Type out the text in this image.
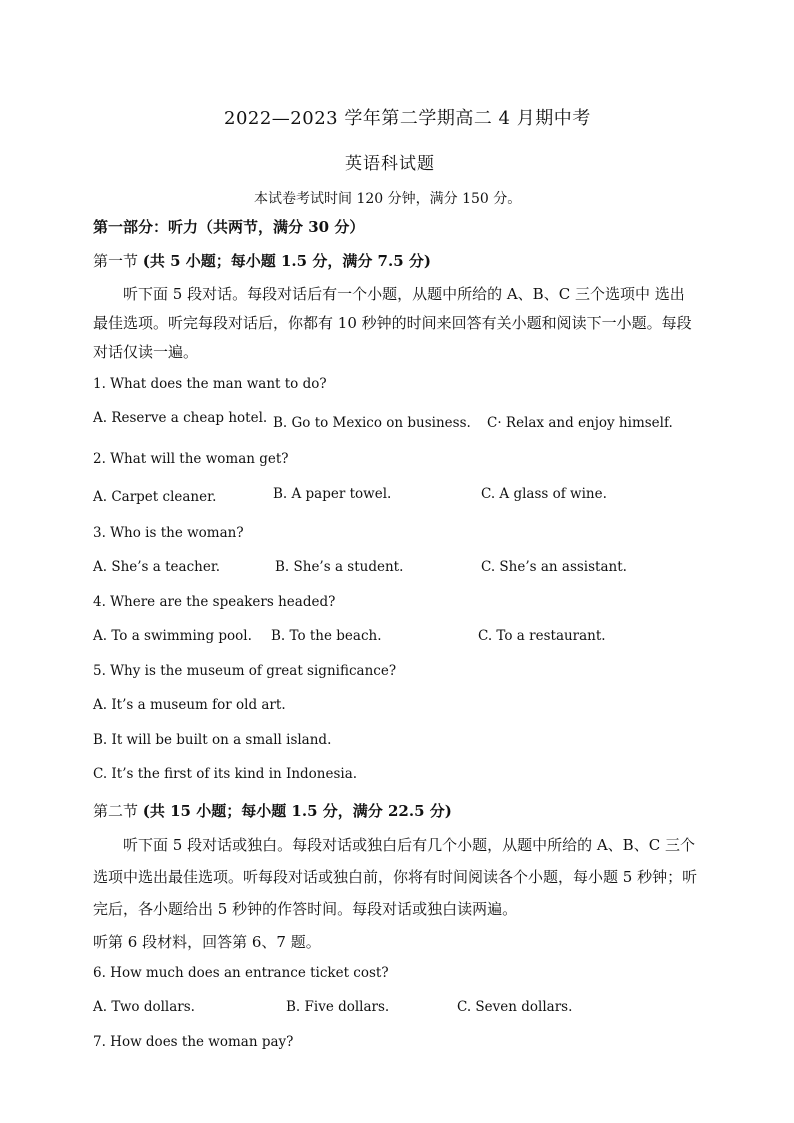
2022—2023 学年第二学期高二 4 月期中考
英语科试题
本试卷考试时间 120 分钟，满分 150 分。
第一部分：听力（共两节，满分 30 分）
第一节 (共 5 小题；每小题 1.5 分，满分 7.5 分)
听下面 5 段对话。每段对话后有一个小题，从题中所给的 A、B、C 三个选项中 选出最佳选项。听完每段对话后，你都有 10 秒钟的时间来回答有关小题和阅读下一小题。每段对话仅读一遍。
1. What does the man want to do?
A. Reserve a cheap hotel. B. Go to Mexico on business. C· Relax and enjoy himself.
2. What will the woman get?
A. Carpet cleaner.	B. A paper towel.	C. A glass of wine.
3. Who is the woman?
A. She’s a teacher.	B. She’s a student.	C. She’s an assistant.
4. Where are the speakers headed?
A. To a swimming pool. B. To the beach.	C. To a restaurant.
5. Why is the museum of great significance?
A. It’s a museum for old art.
B. It will be built on a small island.
C. It’s the first of its kind in Indonesia.
第二节 (共 15 小题；每小题 1.5 分，满分 22.5 分)
听下面 5 段对话或独白。每段对话或独白后有几个小题，从题中所给的 A、B、C 三个选项中选出最佳选项。听每段对话或独白前，你将有时间阅读各个小题，每小题 5 秒钟；听完后，各小题给出 5 秒钟的作答时间。每段对话或独白读两遍。
听第 6 段材料，回答第 6、7 题。
6. How much does an entrance ticket cost?
A. Two dollars.	B. Five dollars.	C. Seven dollars.
7. How does the woman pay?
